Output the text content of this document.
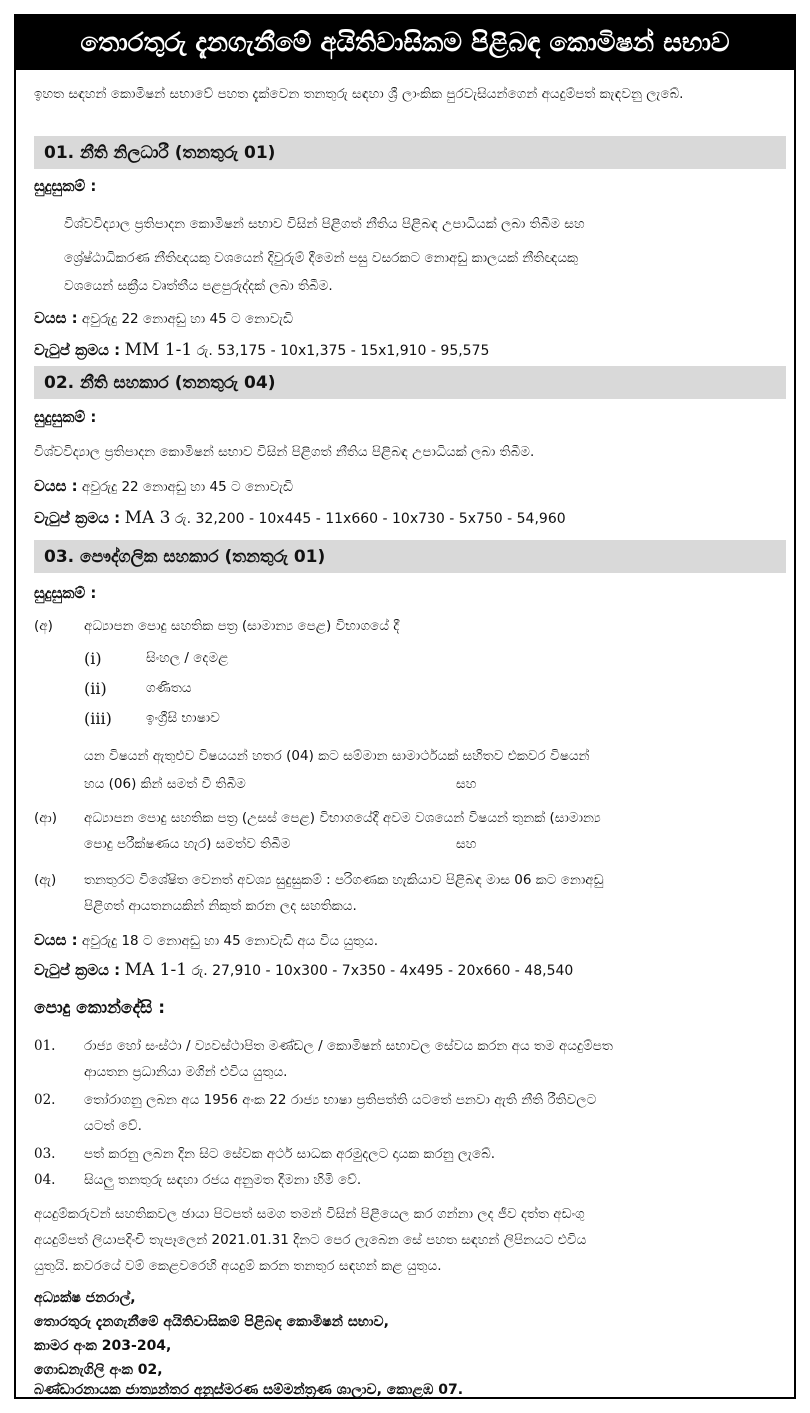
තොරතුරු දැනගැනීමේ අයිතිවාසිකම පිළිබඳ කොමිෂන් සභාව
ඉහත සඳහන් කොමිෂන් සභාවේ පහත දැක්වෙන තනතුරු සඳහා ශ්‍රී ලාංකික පුරවැසියන්ගෙන් අයදුම්පත් කැඳවනු ලැබේ.
01. නීති නිලධාරී (තනතුරු 01)
සුදුසුකම් :
විශ්වවිද්‍යාල ප්‍රතිපාදන කොමිෂන් සභාව විසින් පිළිගත් නීතිය පිළිබඳ උපාධියක් ලබා තිබීම සහ
ශ්‍රේෂ්ඨාධිකරණ නීතිඥයකු වශයෙන් දිවුරුම් දීමෙන් පසු වසරකට නොඅඩු කාලයක් නීතිඥයකු
වශයෙන් සක්‍රීය වෘත්තීය පළපුරුද්දක් ලබා තිබීම.
වයස : අවුරුදු 22 නොඅඩු හා 45 ට නොවැඩි
වැටුප් ක්‍රමය : MM 1-1 රු. 53,175 - 10x1,375 - 15x1,910 - 95,575
02. නීති සහකාර (තනතුරු 04)
සුදුසුකම් :
විශ්වවිද්‍යාල ප්‍රතිපාදන කොමිෂන් සභාව විසින් පිළිගත් නීතිය පිළිබඳ උපාධියක් ලබා තිබීම.
වයස : අවුරුදු 22 නොඅඩු හා 45 ට නොවැඩි
වැටුප් ක්‍රමය : MA 3 රු. 32,200 - 10x445 - 11x660 - 10x730 - 5x750 - 54,960
03. පෞද්ගලික සහකාර (තනතුරු 01)
සුදුසුකම් :
(අ) අධ්‍යාපන පොදු සහතික පත්‍ර (සාමාන්‍ය පෙළ) විභාගයේ දී
(i)	සිංහල / දෙමළ
(ii)	ගණිතය
(iii)	ඉංග්‍රීසි භාෂාව
යන විෂයන් ඇතුළුව විෂයයන් හතර (04) කට සම්මාන සාමාර්ථයක් සහිතව එකවර විෂයන්
හය (06) කින් සමත් වී තිබීම	සහ
(ආ) අධ්‍යාපන පොදු සහතික පත්‍ර (උසස් පෙළ) විභාගයේදී අවම වශයෙන් විෂයන් තුනක් (සාමාන්‍ය
පොදු පරීක්ෂණය හැර) සමත්ව තිබීම	සහ
(ඇ) තනතුරට විශේෂිත වෙනත් අවශ්‍ය සුදුසුකම් : පරිගණක හැකියාව පිළිබඳ මාස 06 කට නොඅඩු
පිළිගත් ආයතනයකින් නිකුත් කරන ලද සහතිකය.
වයස : අවුරුදු 18 ට නොඅඩු හා 45 නොවැඩි අය විය යුතුය.
වැටුප් ක්‍රමය : MA 1-1 රු. 27,910 - 10x300 - 7x350 - 4x495 - 20x660 - 48,540
පොදු කොන්දේසි :
01. රාජ්‍ය හෝ සංස්ථා / ව්‍යවස්ථාපිත මණ්ඩල / කොමිෂන් සභාවල සේවය කරන අය තම අයදුම්පත
ආයතන ප්‍රධානියා මගින් එවිය යුතුය.
02. තෝරාගනු ලබන අය 1956 අංක 22 රාජ්‍ය භාෂා ප්‍රතිපත්ති යටතේ පනවා ඇති නීති රීතිවලට
යටත් වේ.
03. පත් කරනු ලබන දින සිට සේවක අර්ථ සාධක අරමුදලට දායක කරනු ලැබේ.
04. සියලු තනතුරු සඳහා රජය අනුමත දීමනා හිමි වේ.
අයදුම්කරුවන් සහතිකවල ඡායා පිටපත් සමග තමන් විසින් පිළියෙල කර ගන්නා ලද ජීව දත්ත අඩංගු
අයදුම්පත් ලියාපදිංචි තැපෑලෙන් 2021.01.31 දිනට පෙර ලැබෙන සේ පහත සඳහන් ලිපිනයට එවිය
යුතුයි. කවරයේ වම් කෙළවරෙහි අයදුම් කරන තනතුර සඳහන් කළ යුතුය.
අධ්‍යක්ෂ ජනරාල්,
තොරතුරු දැනගැනීමේ අයිතිවාසිකම් පිළිබඳ කොමිෂන් සභාව,
කාමර අංක 203-204,
ගොඩනැගිලි අංක 02,
බණ්ඩාරනායක ජාත්‍යන්තර අනුස්මරණ සම්මන්ත්‍රණ ශාලාව, කොළඹ 07.
